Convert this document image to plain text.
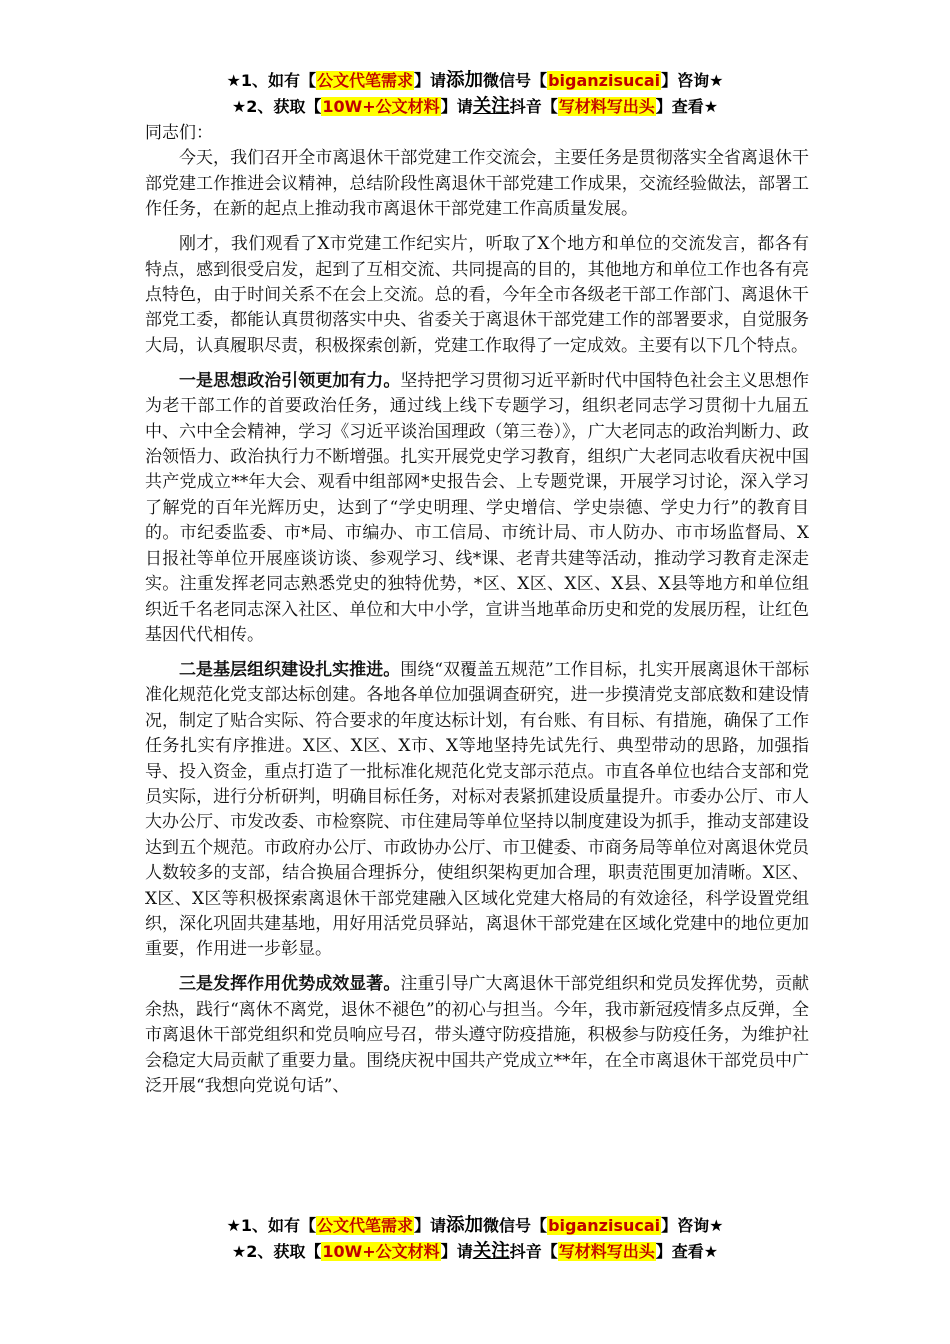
★1、如有【公文代笔需求】请添加微信号【biganzisucai】咨询★
★2、获取【10W+公文材料】请关注抖音【写材料写出头】查看★

同志们：

今天，我们召开全市离退休干部党建工作交流会，主要任务是贯彻落实全省离退休干部党建工作推进会议精神，总结阶段性离退休干部党建工作成果，交流经验做法，部署工作任务，在新的起点上推动我市离退休干部党建工作高质量发展。

刚才，我们观看了X市党建工作纪实片，听取了X个地方和单位的交流发言，都各有特点，感到很受启发，起到了互相交流、共同提高的目的，其他地方和单位工作也各有亮点特色，由于时间关系不在会上交流。总的看，今年全市各级老干部工作部门、离退休干部党工委，都能认真贯彻落实中央、省委关于离退休干部党建工作的部署要求，自觉服务大局，认真履职尽责，积极探索创新，党建工作取得了一定成效。主要有以下几个特点。

一是思想政治引领更加有力。坚持把学习贯彻习近平新时代中国特色社会主义思想作为老干部工作的首要政治任务，通过线上线下专题学习，组织老同志学习贯彻十九届五中、六中全会精神，学习《习近平谈治国理政（第三卷）》，广大老同志的政治判断力、政治领悟力、政治执行力不断增强。扎实开展党史学习教育，组织广大老同志收看庆祝中国共产党成立**年大会、观看中组部网*史报告会、上专题党课，开展学习讨论，深入学习了解党的百年光辉历史，达到了“学史明理、学史增信、学史崇德、学史力行”的教育目的。市纪委监委、市*局、市编办、市工信局、市统计局、市人防办、市市场监督局、X日报社等单位开展座谈访谈、参观学习、线*课、老青共建等活动，推动学习教育走深走实。注重发挥老同志熟悉党史的独特优势，*区、X区、X区、X县、X县等地方和单位组织近千名老同志深入社区、单位和大中小学，宣讲当地革命历史和党的发展历程，让红色基因代代相传。

二是基层组织建设扎实推进。围绕“双覆盖五规范”工作目标，扎实开展离退休干部标准化规范化党支部达标创建。各地各单位加强调查研究，进一步摸清党支部底数和建设情况，制定了贴合实际、符合要求的年度达标计划，有台账、有目标、有措施，确保了工作任务扎实有序推进。X区、X区、X市、X等地坚持先试先行、典型带动的思路，加强指导、投入资金，重点打造了一批标准化规范化党支部示范点。市直各单位也结合支部和党员实际，进行分析研判，明确目标任务，对标对表紧抓建设质量提升。市委办公厅、市人大办公厅、市发改委、市检察院、市住建局等单位坚持以制度建设为抓手，推动支部建设达到五个规范。市政府办公厅、市政协办公厅、市卫健委、市商务局等单位对离退休党员人数较多的支部，结合换届合理拆分，使组织架构更加合理，职责范围更加清晰。X区、X区、X区等积极探索离退休干部党建融入区域化党建大格局的有效途径，科学设置党组织，深化巩固共建基地，用好用活党员驿站，离退休干部党建在区域化党建中的地位更加重要，作用进一步彰显。

三是发挥作用优势成效显著。注重引导广大离退休干部党组织和党员发挥优势，贡献余热，践行“离休不离党，退休不褪色”的初心与担当。今年，我市新冠疫情多点反弹，全市离退休干部党组织和党员响应号召，带头遵守防疫措施，积极参与防疫任务，为维护社会稳定大局贡献了重要力量。围绕庆祝中国共产党成立**年，在全市离退休干部党员中广泛开展“我想向党说句话”、

★1、如有【公文代笔需求】请添加微信号【biganzisucai】咨询★
★2、获取【10W+公文材料】请关注抖音【写材料写出头】查看★
